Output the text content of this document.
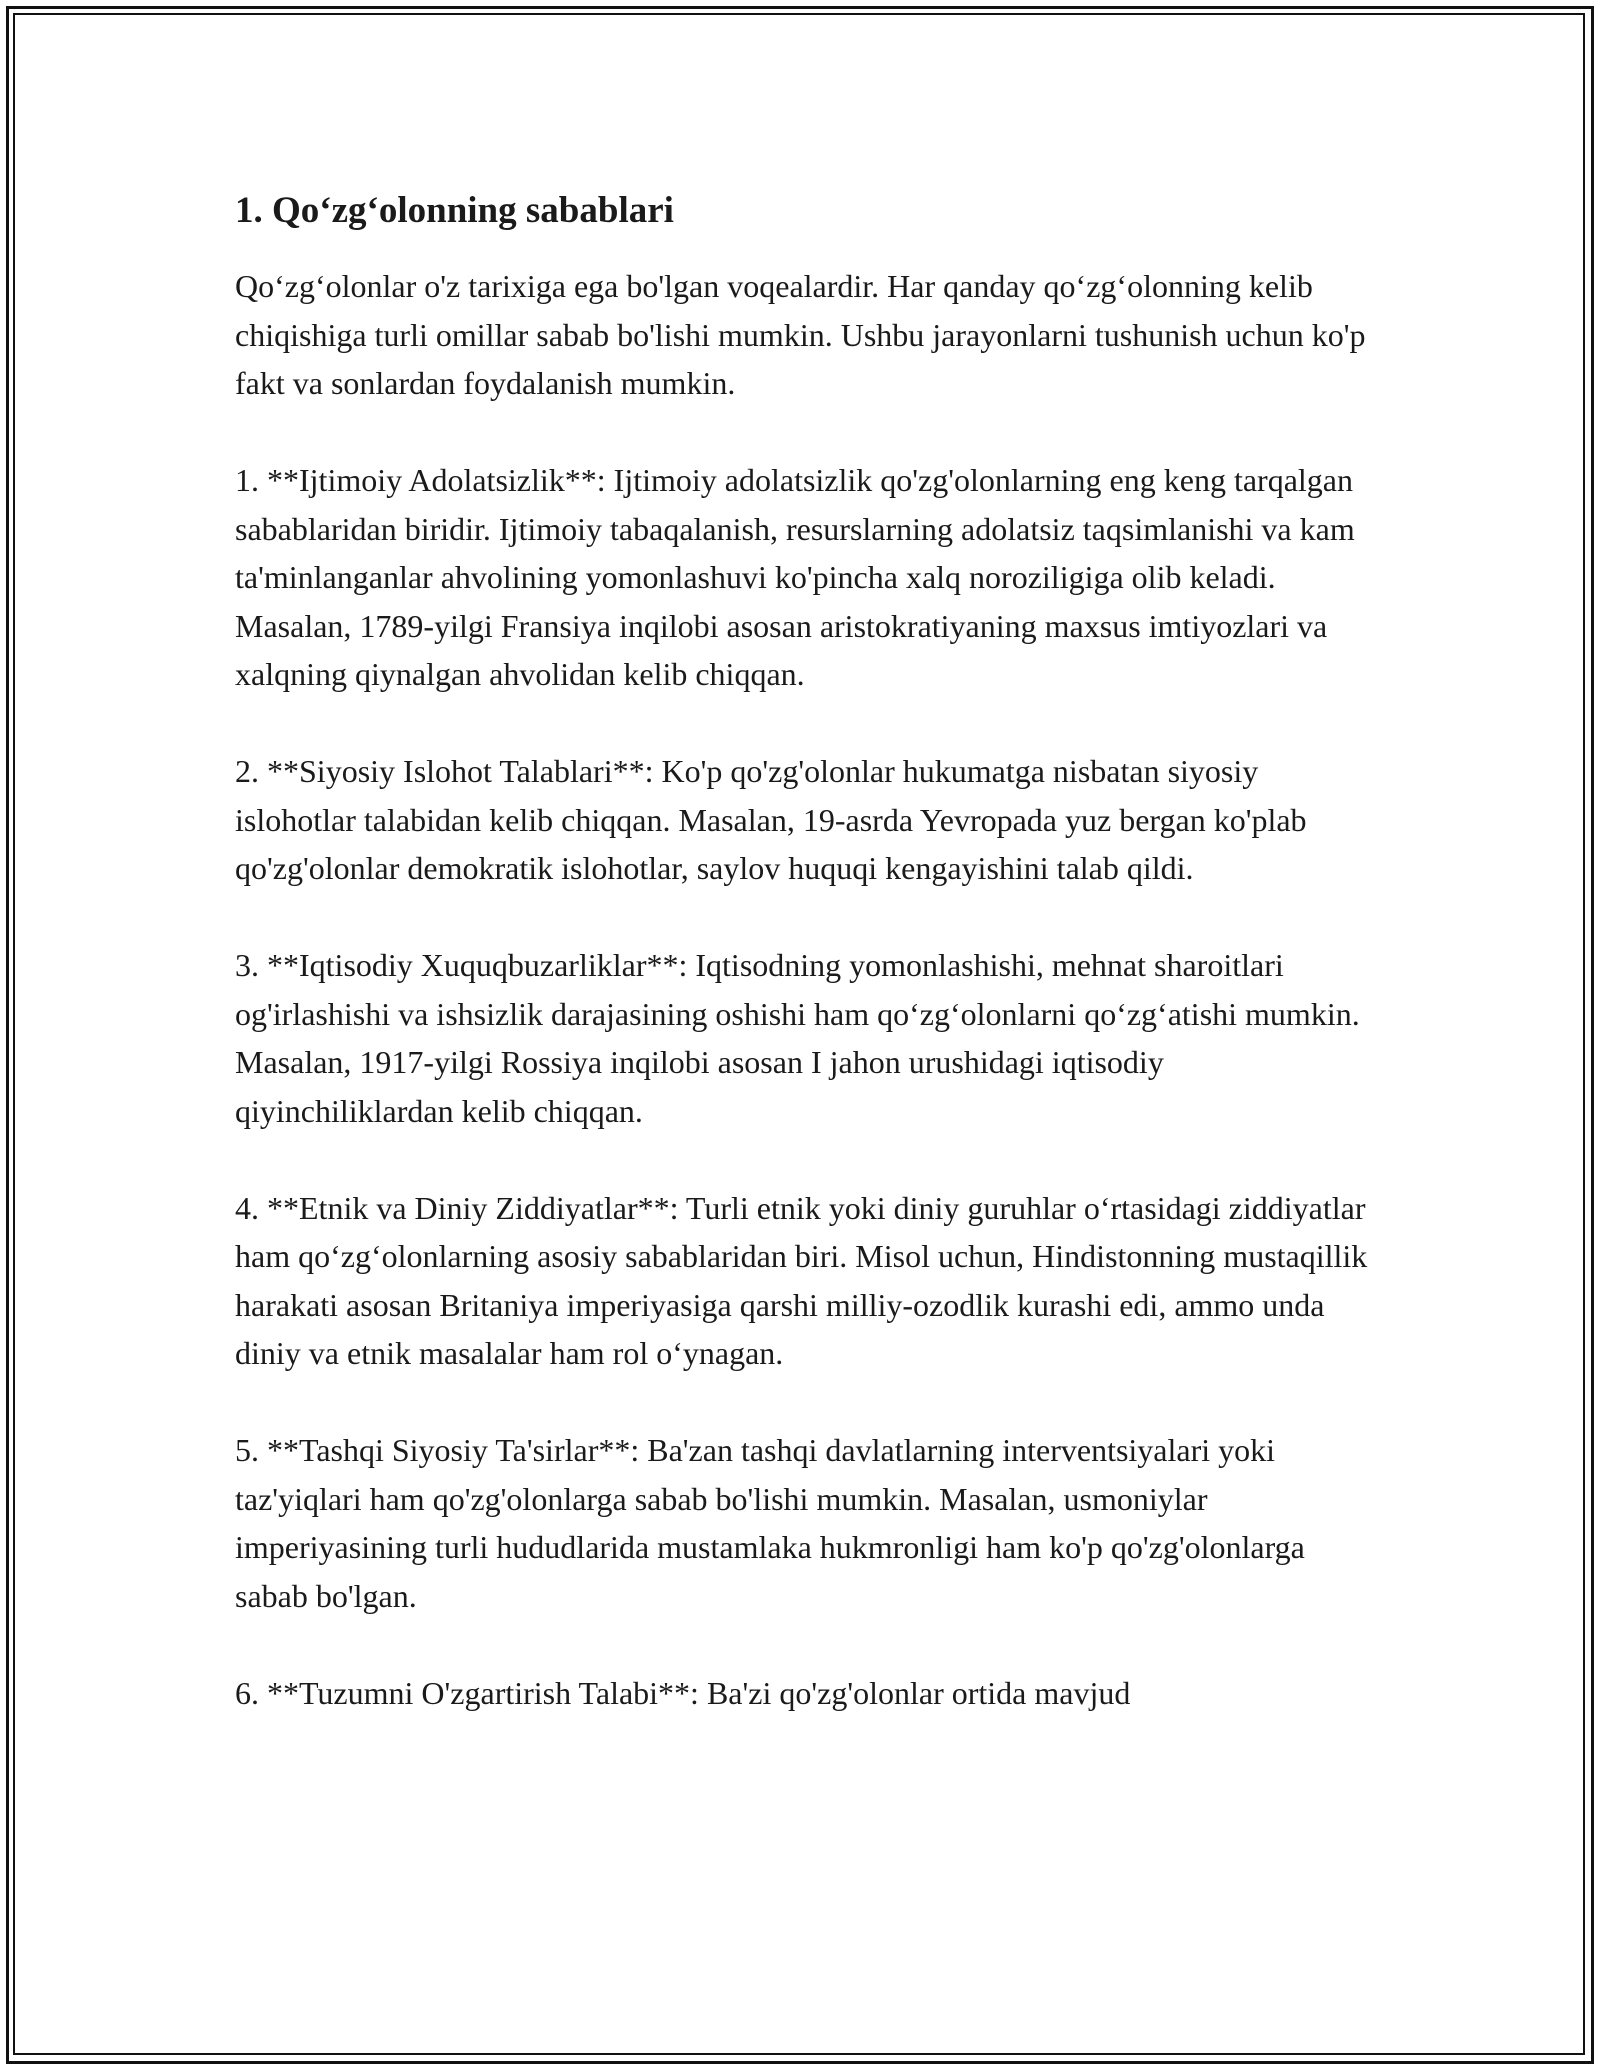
1. Qo‘zg‘olonning sabablari

Qo‘zg‘olonlar o'z tarixiga ega bo'lgan voqealardir. Har qanday qo‘zg‘olonning kelib chiqishiga turli omillar sabab bo'lishi mumkin. Ushbu jarayonlarni tushunish uchun ko'p fakt va sonlardan foydalanish mumkin.

1. **Ijtimoiy Adolatsizlik**: Ijtimoiy adolatsizlik qo'zg'olonlarning eng keng tarqalgan sabablaridan biridir. Ijtimoiy tabaqalanish, resurslarning adolatsiz taqsimlanishi va kam ta'minlanganlar ahvolining yomonlashuvi ko'pincha xalq noroziligiga olib keladi. Masalan, 1789-yilgi Fransiya inqilobi asosan aristokratiyaning maxsus imtiyozlari va xalqning qiynalgan ahvolidan kelib chiqqan.

2. **Siyosiy Islohot Talablari**: Ko'p qo'zg'olonlar hukumatga nisbatan siyosiy islohotlar talabidan kelib chiqqan. Masalan, 19-asrda Yevropada yuz bergan ko'plab qo'zg'olonlar demokratik islohotlar, saylov huquqi kengayishini talab qildi.

3. **Iqtisodiy Xuquqbuzarliklar**: Iqtisodning yomonlashishi, mehnat sharoitlari og'irlashishi va ishsizlik darajasining oshishi ham qo‘zg‘olonlarni qo‘zg‘atishi mumkin. Masalan, 1917-yilgi Rossiya inqilobi asosan I jahon urushidagi iqtisodiy qiyinchiliklardan kelib chiqqan.

4. **Etnik va Diniy Ziddiyatlar**: Turli etnik yoki diniy guruhlar o‘rtasidagi ziddiyatlar ham qo‘zg‘olonlarning asosiy sabablaridan biri. Misol uchun, Hindistonning mustaqillik harakati asosan Britaniya imperiyasiga qarshi milliy-ozodlik kurashi edi, ammo unda diniy va etnik masalalar ham rol o‘ynagan.

5. **Tashqi Siyosiy Ta'sirlar**: Ba'zan tashqi davlatlarning interventsiyalari yoki taz'yiqlari ham qo'zg'olonlarga sabab bo'lishi mumkin. Masalan, usmoniylar imperiyasining turli hududlarida mustamlaka hukmronligi ham ko'p qo'zg'olonlarga sabab bo'lgan.

6. **Tuzumni O'zgartirish Talabi**: Ba'zi qo'zg'olonlar ortida mavjud
